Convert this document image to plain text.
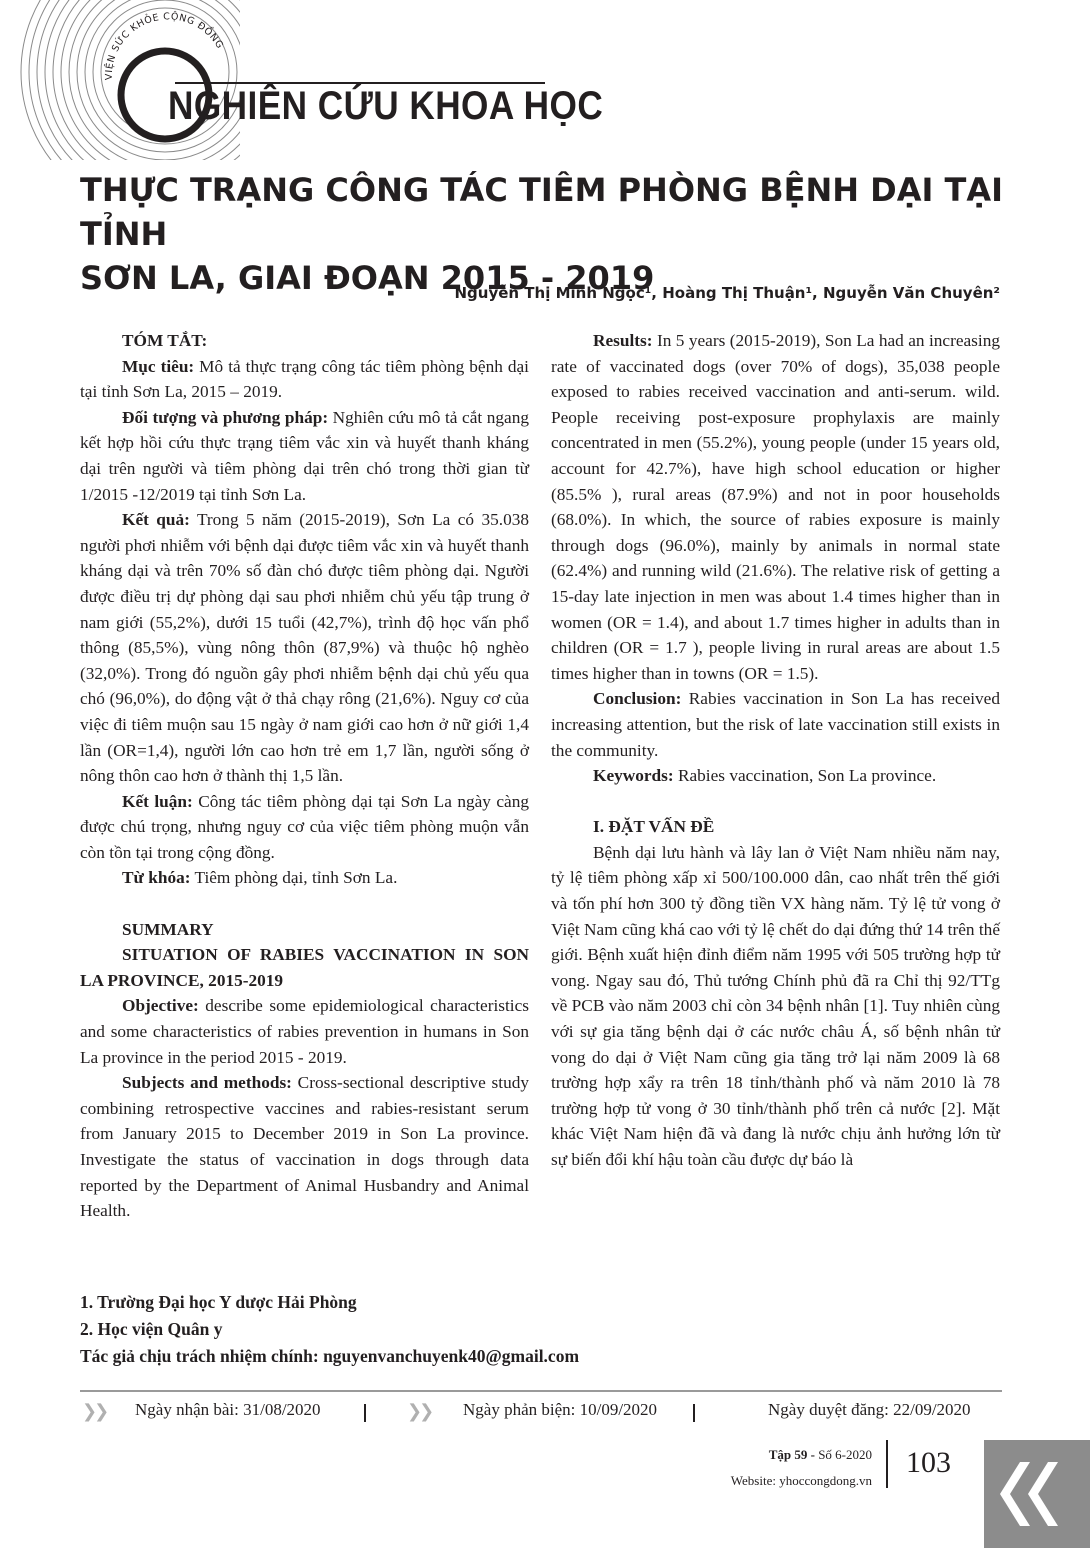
VIỆN SỨC KHỎE CỘNG ĐỒNG
NGHIÊN CỨU KHOA HỌC
THỰC TRẠNG CÔNG TÁC TIÊM PHÒNG BỆNH DẠI TẠI TỈNH
SƠN LA, GIAI ĐOẠN 2015 - 2019
Nguyễn Thị Minh Ngọc¹, Hoàng Thị Thuận¹, Nguyễn Văn Chuyên²

TÓM TẮT:

Mục tiêu: Mô tả thực trạng công tác tiêm phòng bệnh dại tại tỉnh Sơn La, 2015 – 2019.

Đối tượng và phương pháp: Nghiên cứu mô tả cắt ngang kết hợp hồi cứu thực trạng tiêm vắc xin và huyết thanh kháng dại trên người và tiêm phòng dại trên chó trong thời gian từ 1/2015 -12/2019 tại tỉnh Sơn La.

Kết quả: Trong 5 năm (2015-2019), Sơn La có 35.038 người phơi nhiễm với bệnh dại được tiêm vắc xin và huyết thanh kháng dại và trên 70% số đàn chó được tiêm phòng dại. Người được điều trị dự phòng dại sau phơi nhiễm chủ yếu tập trung ở nam giới (55,2%), dưới 15 tuổi (42,7%), trình độ học vấn phổ thông (85,5%), vùng nông thôn (87,9%) và thuộc hộ nghèo (32,0%). Trong đó nguồn gây phơi nhiễm bệnh dại chủ yếu qua chó (96,0%), do động vật ở thả chạy rông (21,6%). Nguy cơ của việc đi tiêm muộn sau 15 ngày ở nam giới cao hơn ở nữ giới 1,4 lần (OR=1,4), người lớn cao hơn trẻ em 1,7 lần, người sống ở nông thôn cao hơn ở thành thị 1,5 lần.

Kết luận: Công tác tiêm phòng dại tại Sơn La ngày càng được chú trọng, nhưng nguy cơ của việc tiêm phòng muộn vẫn còn tồn tại trong cộng đồng.

Từ khóa: Tiêm phòng dại, tỉnh Sơn La.

SUMMARY

SITUATION OF RABIES VACCINATION IN SON LA PROVINCE, 2015-2019

Objective: describe some epidemiological characteristics and some characteristics of rabies prevention in humans in Son La province in the period 2015 - 2019.

Subjects and methods: Cross-sectional descriptive study combining retrospective vaccines and rabies-resistant serum from January 2015 to December 2019 in Son La province. Investigate the status of vaccination in dogs through data reported by the Department of Animal Husbandry and Animal Health.

Results: In 5 years (2015-2019), Son La had an increasing rate of vaccinated dogs (over 70% of dogs), 35,038 people exposed to rabies received vaccination and anti-serum. wild. People receiving post-exposure prophylaxis are mainly concentrated in men (55.2%), young people (under 15 years old, account for 42.7%), have high school education or higher (85.5% ), rural areas (87.9%) and not in poor households (68.0%). In which, the source of rabies exposure is mainly through dogs (96.0%), mainly by animals in normal state (62.4%) and running wild (21.6%). The relative risk of getting a 15-day late injection in men was about 1.4 times higher than in women (OR = 1.4), and about 1.7 times higher in adults than in children (OR = 1.7 ), people living in rural areas are about 1.5 times higher than in towns (OR = 1.5).

Conclusion: Rabies vaccination in Son La has received increasing attention, but the risk of late vaccination still exists in the community.

Keywords: Rabies vaccination, Son La province.

I. ĐẶT VẤN ĐỀ

Bệnh dại lưu hành và lây lan ở Việt Nam nhiều năm nay, tỷ lệ tiêm phòng xấp xỉ 500/100.000 dân, cao nhất trên thế giới và tốn phí hơn 300 tỷ đồng tiền VX hàng năm. Tỷ lệ tử vong ở Việt Nam cũng khá cao với tỷ lệ chết do dại đứng thứ 14 trên thế giới. Bệnh xuất hiện đỉnh điểm năm 1995 với 505 trường hợp tử vong. Ngay sau đó, Thủ tướng Chính phủ đã ra Chỉ thị 92/TTg về PCB vào năm 2003 chỉ còn 34 bệnh nhân [1]. Tuy nhiên cùng với sự gia tăng bệnh dại ở các nước châu Á, số bệnh nhân tử vong do dại ở Việt Nam cũng gia tăng trở lại năm 2009 là 68 trường hợp xẩy ra trên 18 tỉnh/thành phố và năm 2010 là 78 trường hợp tử vong ở 30 tỉnh/thành phố trên cả nước [2]. Mặt khác Việt Nam hiện đã và đang là nước chịu ảnh hưởng lớn từ sự biến đổi khí hậu toàn cầu được dự báo là

1. Trường Đại học Y dược Hải Phòng

2. Học viện Quân y

Tác giả chịu trách nhiệm chính: nguyenvanchuyenk40@gmail.com

❯❯ Ngày nhận bài: 31/08/2020	❯❯ Ngày phản biện: 10/09/2020	Ngày duyệt đăng: 22/09/2020
Tập 59 - Số 6-2020
Website: yhoccongdong.vn
103
